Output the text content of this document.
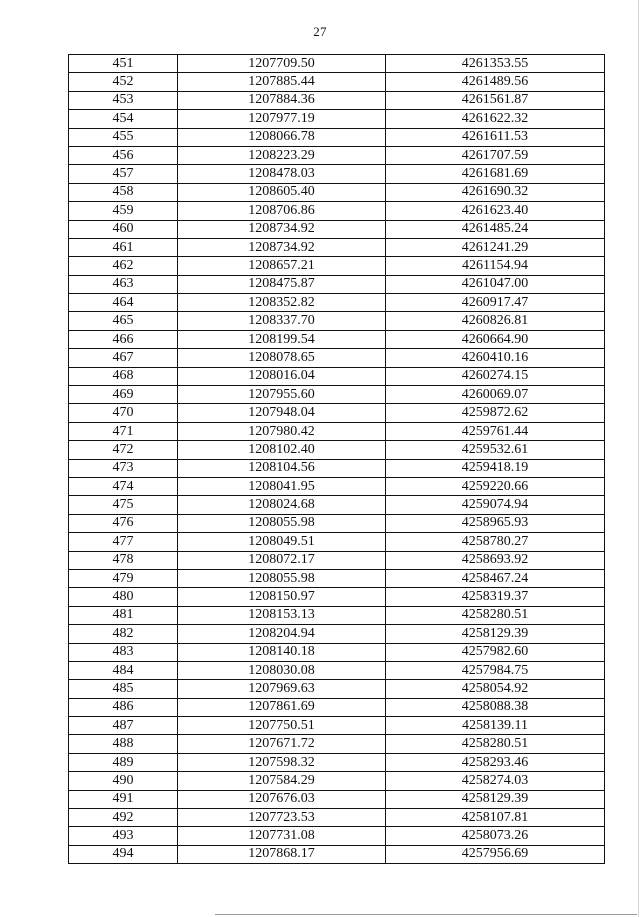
27
451	1207709.50	4261353.55
452	1207885.44	4261489.56
453	1207884.36	4261561.87
454	1207977.19	4261622.32
455	1208066.78	4261611.53
456	1208223.29	4261707.59
457	1208478.03	4261681.69
458	1208605.40	4261690.32
459	1208706.86	4261623.40
460	1208734.92	4261485.24
461	1208734.92	4261241.29
462	1208657.21	4261154.94
463	1208475.87	4261047.00
464	1208352.82	4260917.47
465	1208337.70	4260826.81
466	1208199.54	4260664.90
467	1208078.65	4260410.16
468	1208016.04	4260274.15
469	1207955.60	4260069.07
470	1207948.04	4259872.62
471	1207980.42	4259761.44
472	1208102.40	4259532.61
473	1208104.56	4259418.19
474	1208041.95	4259220.66
475	1208024.68	4259074.94
476	1208055.98	4258965.93
477	1208049.51	4258780.27
478	1208072.17	4258693.92
479	1208055.98	4258467.24
480	1208150.97	4258319.37
481	1208153.13	4258280.51
482	1208204.94	4258129.39
483	1208140.18	4257982.60
484	1208030.08	4257984.75
485	1207969.63	4258054.92
486	1207861.69	4258088.38
487	1207750.51	4258139.11
488	1207671.72	4258280.51
489	1207598.32	4258293.46
490	1207584.29	4258274.03
491	1207676.03	4258129.39
492	1207723.53	4258107.81
493	1207731.08	4258073.26
494	1207868.17	4257956.69
